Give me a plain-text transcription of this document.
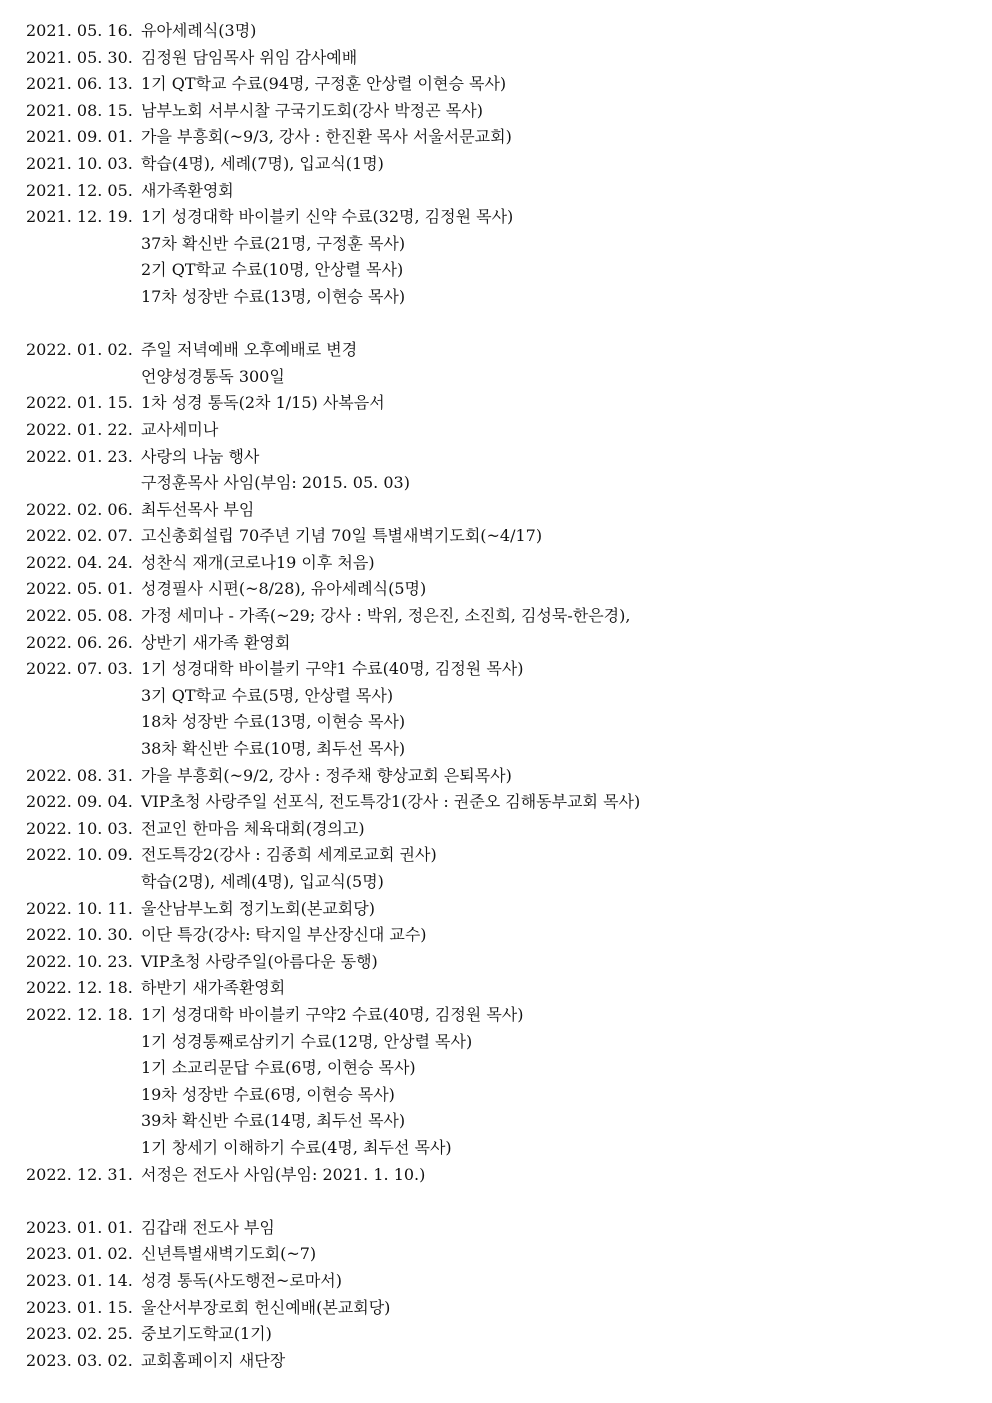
2021. 05. 16. 유아세례식(3명)
2021. 05. 30. 김정원 담임목사 위임 감사예배
2021. 06. 13. 1기 QT학교 수료(94명, 구정훈 안상렬 이현승 목사)
2021. 08. 15. 남부노회 서부시찰 구국기도회(강사 박정곤 목사)
2021. 09. 01. 가을 부흥회(~9/3, 강사 : 한진환 목사 서울서문교회)
2021. 10. 03. 학습(4명), 세례(7명), 입교식(1명)
2021. 12. 05. 새가족환영회
2021. 12. 19. 1기 성경대학 바이블키 신약 수료(32명, 김정원 목사)
37차 확신반 수료(21명, 구정훈 목사)
2기 QT학교 수료(10명, 안상렬 목사)
17차 성장반 수료(13명, 이현승 목사)
2022. 01. 02. 주일 저녁예배 오후예배로 변경
언양성경통독 300일
2022. 01. 15. 1차 성경 통독(2차 1/15) 사복음서
2022. 01. 22. 교사세미나
2022. 01. 23. 사랑의 나눔 행사
구정훈목사 사임(부임: 2015. 05. 03)
2022. 02. 06. 최두선목사 부임
2022. 02. 07. 고신총회설립 70주년 기념 70일 특별새벽기도회(~4/17)
2022. 04. 24. 성찬식 재개(코로나19 이후 처음)
2022. 05. 01. 성경필사 시편(~8/28), 유아세례식(5명)
2022. 05. 08. 가정 세미나 - 가족(~29; 강사 : 박위, 정은진, 소진희, 김성묵-한은경),
2022. 06. 26. 상반기 새가족 환영회
2022. 07. 03. 1기 성경대학 바이블키 구약1 수료(40명, 김정원 목사)
3기 QT학교 수료(5명, 안상렬 목사)
18차 성장반 수료(13명, 이현승 목사)
38차 확신반 수료(10명, 최두선 목사)
2022. 08. 31. 가을 부흥회(~9/2, 강사 : 정주채 향상교회 은퇴목사)
2022. 09. 04. VIP초청 사랑주일 선포식, 전도특강1(강사 : 권준오 김해동부교회 목사)
2022. 10. 03. 전교인 한마음 체육대회(경의고)
2022. 10. 09. 전도특강2(강사 : 김종희 세계로교회 권사)
학습(2명), 세례(4명), 입교식(5명)
2022. 10. 11. 울산남부노회 정기노회(본교회당)
2022. 10. 30. 이단 특강(강사: 탁지일 부산장신대 교수)
2022. 10. 23. VIP초청 사랑주일(아름다운 동행)
2022. 12. 18. 하반기 새가족환영회
2022. 12. 18. 1기 성경대학 바이블키 구약2 수료(40명, 김정원 목사)
1기 성경통째로삼키기 수료(12명, 안상렬 목사)
1기 소교리문답 수료(6명, 이현승 목사)
19차 성장반 수료(6명, 이현승 목사)
39차 확신반 수료(14명, 최두선 목사)
1기 창세기 이해하기 수료(4명, 최두선 목사)
2022. 12. 31. 서정은 전도사 사임(부임: 2021. 1. 10.)
2023. 01. 01. 김갑래 전도사 부임
2023. 01. 02. 신년특별새벽기도회(~7)
2023. 01. 14. 성경 통독(사도행전~로마서)
2023. 01. 15. 울산서부장로회 헌신예배(본교회당)
2023. 02. 25. 중보기도학교(1기)
2023. 03. 02. 교회홈페이지 새단장
